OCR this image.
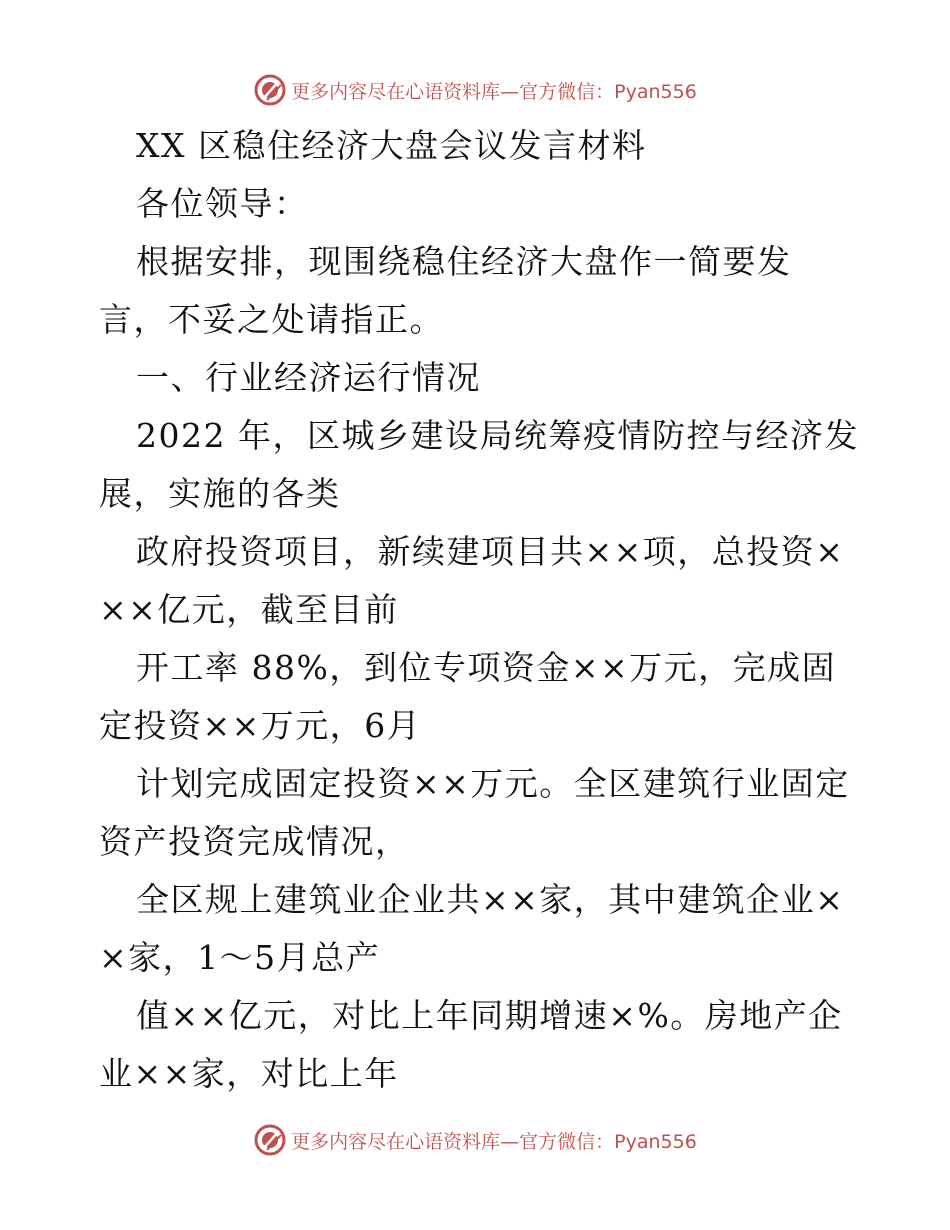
更多内容尽在心语资料库—官方微信：Pyan556

XX 区稳住经济大盘会议发言材料

各位领导：

根据安排，现围绕稳住经济大盘作一简要发言，不妥之处请指正。

一、行业经济运行情况

2022 年，区城乡建设局统筹疫情防控与经济发展，实施的各类

政府投资项目，新续建项目共××项，总投资×××亿元，截至目前

开工率 88%，到位专项资金××万元，完成固定投资××万元，6月

计划完成固定投资××万元。全区建筑行业固定资产投资完成情况，

全区规上建筑业企业共××家，其中建筑企业××家，1～5月总产

值××亿元，对比上年同期增速×%。房地产企业××家，对比上年

更多内容尽在心语资料库—官方微信：Pyan556
